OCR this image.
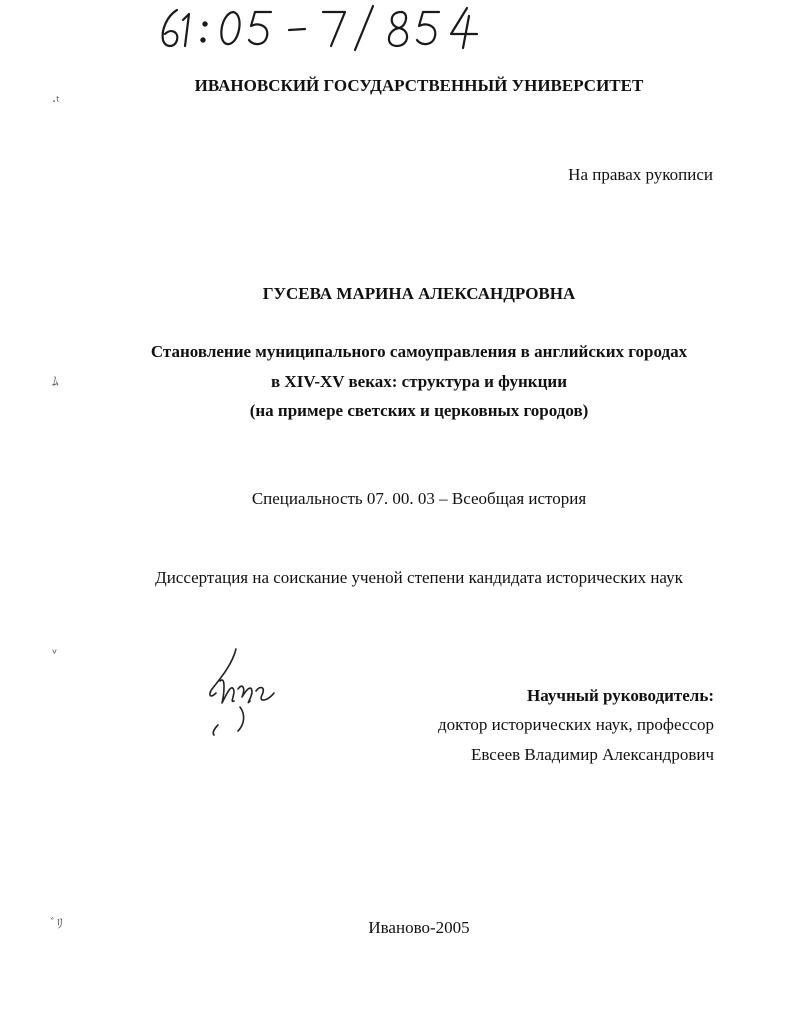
ИВАНОВСКИЙ ГОСУДАРСТВЕННЫЙ УНИВЕРСИТЕТ
На правах рукописи
ГУСЕВА МАРИНА АЛЕКСАНДРОВНА
Становление муниципального самоуправления в английских городах
в XIV-XV веках: структура и функции
(на примере светских и церковных городов)
Специальность 07. 00. 03 – Всеобщая история
Диссертация на соискание ученой степени кандидата исторических наук
Научный руководитель:
доктор исторических наук, профессор
Евсеев Владимир Александрович
Иваново-2005
·ᵗ
ﾑ
ᵛ
ﾞﾘ
